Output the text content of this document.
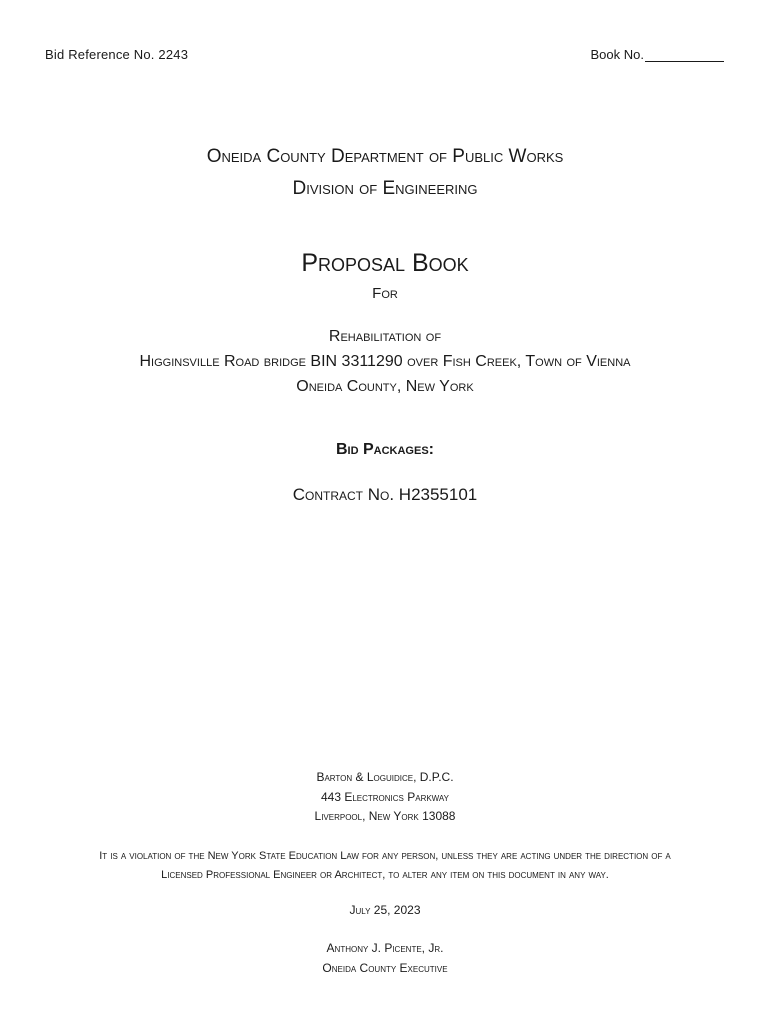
Bid Reference No. 2243	Book No.
Oneida County Department of Public Works
Division of Engineering
Proposal Book
For
Rehabilitation of
Higginsville Road bridge BIN 3311290 over Fish Creek, Town of Vienna
Oneida County, New York
Bid Packages:
Contract No. H2355101
Barton & Loguidice, D.P.C.
443 Electronics Parkway
Liverpool, New York 13088
It is a violation of the New York State Education Law for any person, unless they are acting under the direction of a
Licensed Professional Engineer or Architect, to alter any item on this document in any way.
July 25, 2023
Anthony J. Picente, Jr.
Oneida County Executive
